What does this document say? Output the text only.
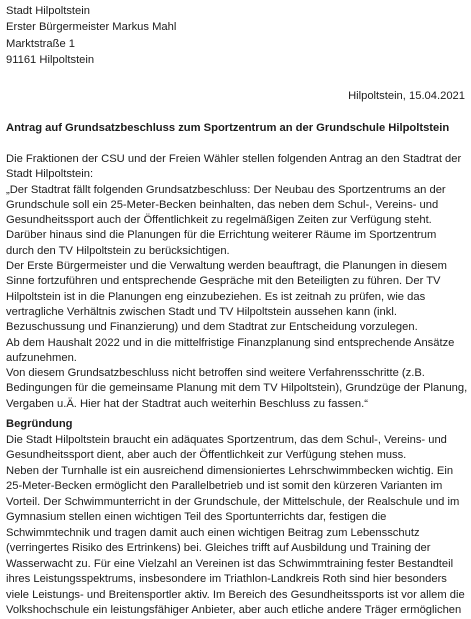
Stadt Hilpoltstein
Erster Bürgermeister Markus Mahl
Marktstraße 1
91161 Hilpoltstein
Hilpoltstein, 15.04.2021
Antrag auf Grundsatzbeschluss zum Sportzentrum an der Grundschule Hilpoltstein

Die Fraktionen der CSU und der Freien Wähler stellen folgenden Antrag an den Stadtrat der

Stadt Hilpoltstein:

„Der Stadtrat fällt folgenden Grundsatzbeschluss: Der Neubau des Sportzentrums an der

Grundschule soll ein 25-Meter-Becken beinhalten, das neben dem Schul-, Vereins- und

Gesundheitssport auch der Öffentlichkeit zu regelmäßigen Zeiten zur Verfügung steht.

Darüber hinaus sind die Planungen für die Errichtung weiterer Räume im Sportzentrum

durch den TV Hilpoltstein zu berücksichtigen.

Der Erste Bürgermeister und die Verwaltung werden beauftragt, die Planungen in diesem

Sinne fortzuführen und entsprechende Gespräche mit den Beteiligten zu führen. Der TV

Hilpoltstein ist in die Planungen eng einzubeziehen. Es ist zeitnah zu prüfen, wie das

vertragliche Verhältnis zwischen Stadt und TV Hilpoltstein aussehen kann (inkl.

Bezuschussung und Finanzierung) und dem Stadtrat zur Entscheidung vorzulegen.

Ab dem Haushalt 2022 und in die mittelfristige Finanzplanung sind entsprechende Ansätze

aufzunehmen.

Von diesem Grundsatzbeschluss nicht betroffen sind weitere Verfahrensschritte (z.B.

Bedingungen für die gemeinsame Planung mit dem TV Hilpoltstein), Grundzüge der Planung,

Vergaben u.Ä. Hier hat der Stadtrat auch weiterhin Beschluss zu fassen.“

Begründung

Die Stadt Hilpoltstein braucht ein adäquates Sportzentrum, das dem Schul-, Vereins- und

Gesundheitssport dient, aber auch der Öffentlichkeit zur Verfügung stehen muss.

Neben der Turnhalle ist ein ausreichend dimensioniertes Lehrschwimmbecken wichtig. Ein

25-Meter-Becken ermöglicht den Parallelbetrieb und ist somit den kürzeren Varianten im

Vorteil. Der Schwimmunterricht in der Grundschule, der Mittelschule, der Realschule und im

Gymnasium stellen einen wichtigen Teil des Sportunterrichts dar, festigen die

Schwimmtechnik und tragen damit auch einen wichtigen Beitrag zum Lebensschutz

(verringertes Risiko des Ertrinkens) bei. Gleiches trifft auf Ausbildung und Training der

Wasserwacht zu. Für eine Vielzahl an Vereinen ist das Schwimmtraining fester Bestandteil

ihres Leistungsspektrums, insbesondere im Triathlon-Landkreis Roth sind hier besonders

viele Leistungs- und Breitensportler aktiv. Im Bereich des Gesundheitssports ist vor allem die

Volkshochschule ein leistungsfähiger Anbieter, aber auch etliche andere Träger ermöglichen
